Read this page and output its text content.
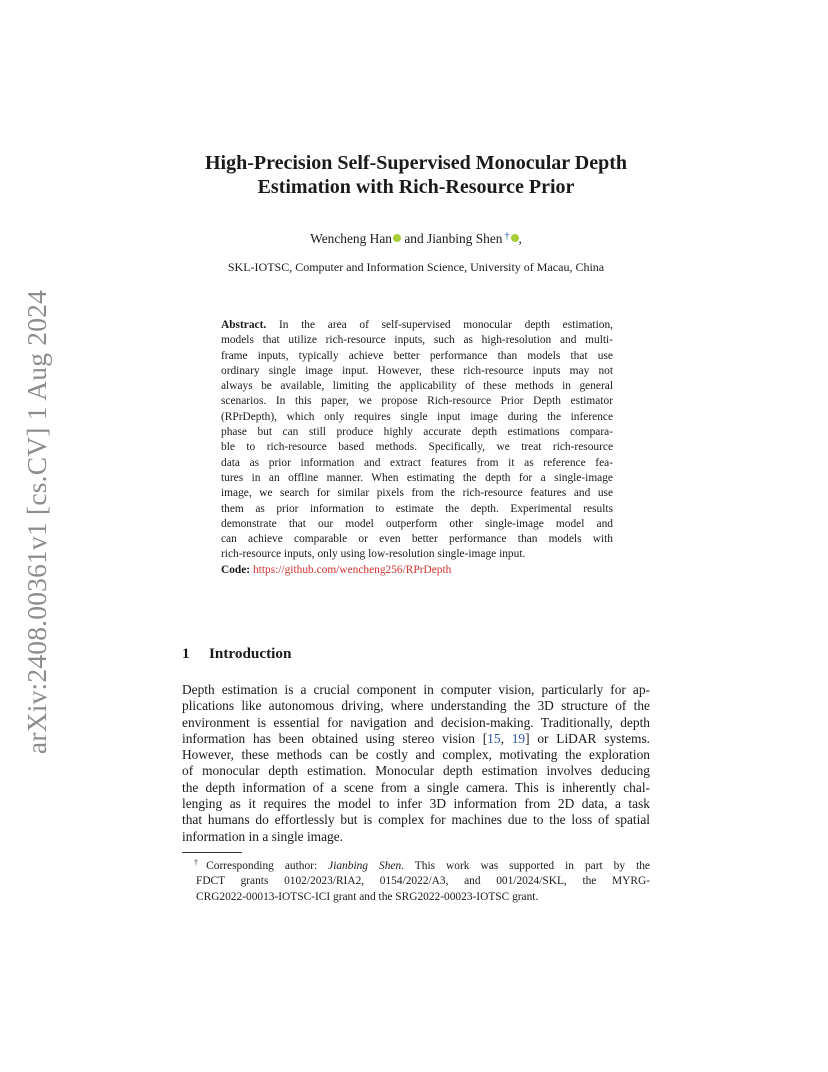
arXiv:2408.00361v1 [cs.CV] 1 Aug 2024
High-Precision Self-Supervised Monocular Depth
Estimation with Rich-Resource Prior
Wencheng Han and Jianbing Shen † ,
SKL-IOTSC, Computer and Information Science, University of Macau, China
Abstract. In the area of self-supervised monocular depth estimation,
models that utilize rich-resource inputs, such as high-resolution and multi-
frame inputs, typically achieve better performance than models that use
ordinary single image input. However, these rich-resource inputs may not
always be available, limiting the applicability of these methods in general
scenarios. In this paper, we propose Rich-resource Prior Depth estimator
(RPrDepth), which only requires single input image during the inference
phase but can still produce highly accurate depth estimations compara-
ble to rich-resource based methods. Specifically, we treat rich-resource
data as prior information and extract features from it as reference fea-
tures in an offline manner. When estimating the depth for a single-image
image, we search for similar pixels from the rich-resource features and use
them as prior information to estimate the depth. Experimental results
demonstrate that our model outperform other single-image model and
can achieve comparable or even better performance than models with
rich-resource inputs, only using low-resolution single-image input.
Code: https://github.com/wencheng256/RPrDepth
1 Introduction
Depth estimation is a crucial component in computer vision, particularly for ap-
plications like autonomous driving, where understanding the 3D structure of the
environment is essential for navigation and decision-making. Traditionally, depth
information has been obtained using stereo vision [15, 19] or LiDAR systems.
However, these methods can be costly and complex, motivating the exploration
of monocular depth estimation. Monocular depth estimation involves deducing
the depth information of a scene from a single camera. This is inherently chal-
lenging as it requires the model to infer 3D information from 2D data, a task
that humans do effortlessly but is complex for machines due to the loss of spatial
information in a single image.
†Corresponding author: Jianbing Shen. This work was supported in part by the
FDCT grants 0102/2023/RIA2, 0154/2022/A3, and 001/2024/SKL, the MYRG-
CRG2022-00013-IOTSC-ICI grant and the SRG2022-00023-IOTSC grant.
